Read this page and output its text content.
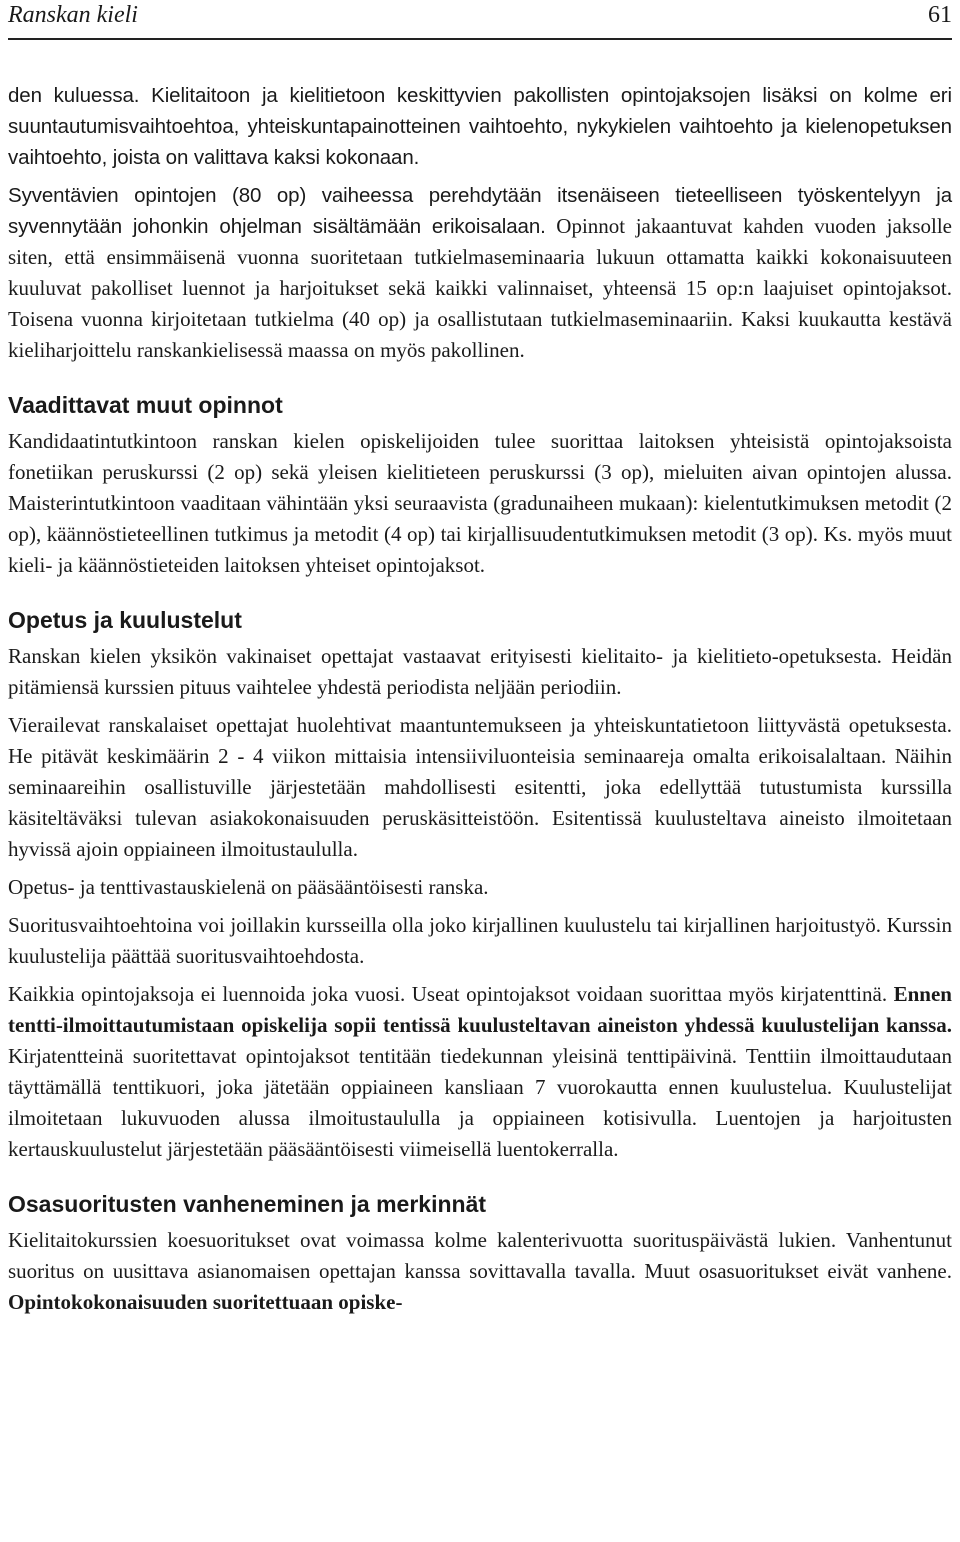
Ranskan kieli	61

den kuluessa. Kielitaitoon ja kielitietoon keskittyvien pakollisten opintojaksojen lisäksi on kolme eri suuntautumisvaihtoehtoa, yhteiskuntapainotteinen vaihtoehto, nykykielen vaihtoehto ja kielenopetuksen vaihtoehto, joista on valittava kaksi kokonaan.

Syventävien opintojen (80 op) vaiheessa perehdytään itsenäiseen tieteelliseen työskentelyyn ja syvennytään johonkin ohjelman sisältämään erikoisalaan. Opinnot jakaantuvat kahden vuoden jaksolle siten, että ensimmäisenä vuonna suoritetaan tutkielmaseminaaria lukuun ottamatta kaikki kokonaisuuteen kuuluvat pakolliset luennot ja harjoitukset sekä kaikki valinnaiset, yhteensä 15 op:n laajuiset opintojaksot. Toisena vuonna kirjoitetaan tutkielma (40 op) ja osallistutaan tutkielmaseminaariin. Kaksi kuukautta kestävä kieliharjoittelu ranskankielisessä maassa on myös pakollinen.

Vaadittavat muut opinnot

Kandidaatintutkintoon ranskan kielen opiskelijoiden tulee suorittaa laitoksen yhteisistä opintojaksoista fonetiikan peruskurssi (2 op) sekä yleisen kielitieteen peruskurssi (3 op), mieluiten aivan opintojen alussa. Maisterintutkintoon vaaditaan vähintään yksi seuraavista (gradunaiheen mukaan): kielentutkimuksen metodit (2 op), käännöstieteellinen tutkimus ja metodit (4 op) tai kirjallisuudentutkimuksen metodit (3 op). Ks. myös muut kieli- ja käännöstieteiden laitoksen yhteiset opintojaksot.

Opetus ja kuulustelut

Ranskan kielen yksikön vakinaiset opettajat vastaavat erityisesti kielitaito- ja kielitieto-opetuksesta. Heidän pitämiensä kurssien pituus vaihtelee yhdestä periodista neljään periodiin.

Vierailevat ranskalaiset opettajat huolehtivat maantuntemukseen ja yhteiskuntatietoon liittyvästä opetuksesta. He pitävät keskimäärin 2 - 4 viikon mittaisia intensiiviluonteisia seminaareja omalta erikoisalaltaan. Näihin seminaareihin osallistuville järjestetään mahdollisesti esitentti, joka edellyttää tutustumista kurssilla käsiteltäväksi tulevan asiakokonaisuuden peruskäsitteistöön. Esitentissä kuulusteltava aineisto ilmoitetaan hyvissä ajoin oppiaineen ilmoitustaululla.

Opetus- ja tenttivastauskielenä on pääsääntöisesti ranska.

Suoritusvaihtoehtoina voi joillakin kursseilla olla joko kirjallinen kuulustelu tai kirjallinen harjoitustyö. Kurssin kuulustelija päättää suoritusvaihtoehdosta.

Kaikkia opintojaksoja ei luennoida joka vuosi. Useat opintojaksot voidaan suorittaa myös kirjatenttinä. Ennen tentti-ilmoittautumistaan opiskelija sopii tentissä kuulusteltavan aineiston yhdessä kuulustelijan kanssa. Kirjatentteinä suoritettavat opintojaksot tentitään tiedekunnan yleisinä tenttipäivinä. Tenttiin ilmoittaudutaan täyttämällä tenttikuori, joka jätetään oppiaineen kansliaan 7 vuorokautta ennen kuulustelua. Kuulustelijat ilmoitetaan lukuvuoden alussa ilmoitustaululla ja oppiaineen kotisivulla. Luentojen ja harjoitusten kertauskuulustelut järjestetään pääsääntöisesti viimeisellä luentokerralla.

Osasuoritusten vanheneminen ja merkinnät

Kielitaitokurssien koesuoritukset ovat voimassa kolme kalenterivuotta suorituspäivästä lukien. Vanhentunut suoritus on uusittava asianomaisen opettajan kanssa sovittavalla tavalla. Muut osasuoritukset eivät vanhene. Opintokokonaisuuden suoritettuaan opiske-
